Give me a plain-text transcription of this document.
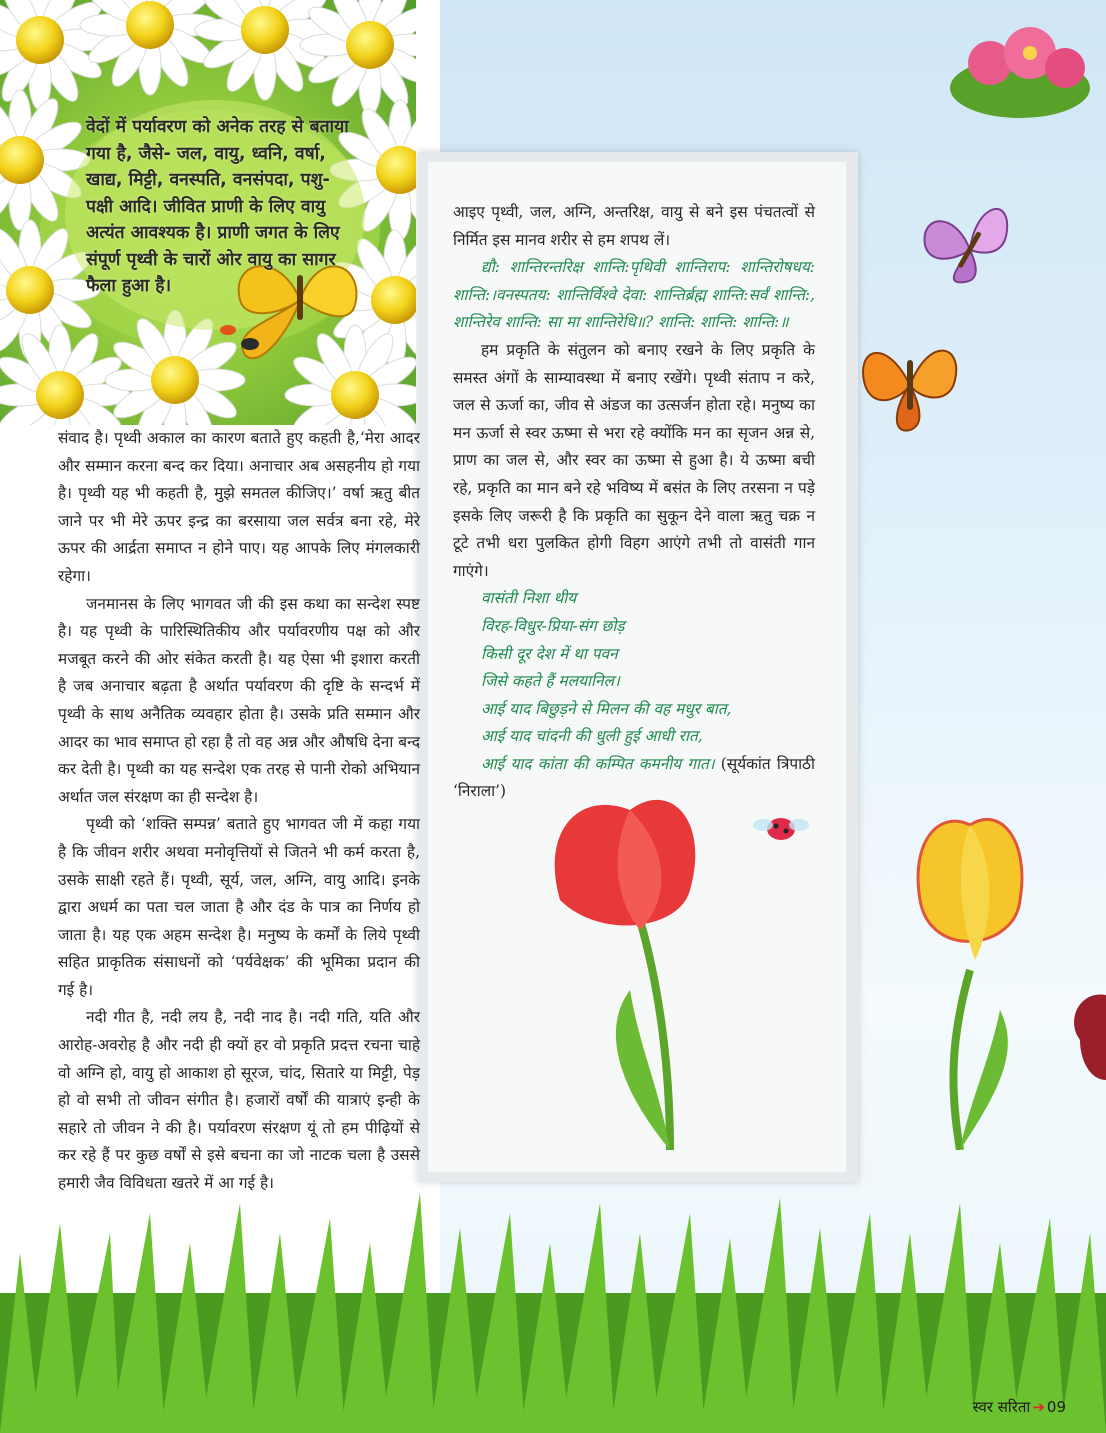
वेदों में पर्यावरण को अनेक तरह से बताया गया है, जैसे- जल, वायु, ध्वनि, वर्षा, खाद्य, मिट्टी, वनस्पति, वनसंपदा, पशु-पक्षी आदि। जीवित प्राणी के लिए वायु अत्यंत आवश्यक है। प्राणी जगत के लिए संपूर्ण पृथ्वी के चारों ओर वायु का सागर फैला हुआ है।

संवाद है। पृथ्वी अकाल का कारण बताते हुए कहती है,‘मेरा आदर और सम्मान करना बन्द कर दिया। अनाचार अब असहनीय हो गया है। पृथ्वी यह भी कहती है, मुझे समतल कीजिए।’ वर्षा ऋतु बीत जाने पर भी मेरे ऊपर इन्द्र का बरसाया जल सर्वत्र बना रहे, मेरे ऊपर की आर्द्रता समाप्त न होने पाए। यह आपके लिए मंगलकारी रहेगा।

जनमानस के लिए भागवत जी की इस कथा का सन्देश स्पष्ट है। यह पृथ्वी के पारिस्थितिकीय और पर्यावरणीय पक्ष को और मजबूत करने की ओर संकेत करती है। यह ऐसा भी इशारा करती है जब अनाचार बढ़ता है अर्थात पर्यावरण की दृष्टि के सन्दर्भ में पृथ्वी के साथ अनैतिक व्यवहार होता है। उसके प्रति सम्मान और आदर का भाव समाप्त हो रहा है तो वह अन्न और औषधि देना बन्द कर देती है। पृथ्वी का यह सन्देश एक तरह से पानी रोको अभियान अर्थात जल संरक्षण का ही सन्देश है।

पृथ्वी को ‘शक्ति सम्पन्न’ बताते हुए भागवत जी में कहा गया है कि जीवन शरीर अथवा मनोवृत्तियों से जितने भी कर्म करता है, उसके साक्षी रहते हैं। पृथ्वी, सूर्य, जल, अग्नि, वायु आदि। इनके द्वारा अधर्म का पता चल जाता है और दंड के पात्र का निर्णय हो जाता है। यह एक अहम सन्देश है। मनुष्य के कर्मों के लिये पृथ्वी सहित प्राकृतिक संसाधनों को ‘पर्यवेक्षक’ की भूमिका प्रदान की गई है।

नदी गीत है, नदी लय है, नदी नाद है। नदी गति, यति और आरोह-अवरोह है और नदी ही क्यों हर वो प्रकृति प्रदत्त रचना चाहे वो अग्नि हो, वायु हो आकाश हो सूरज, चांद, सितारे या मिट्टी, पेड़ हो वो सभी तो जीवन संगीत है। हजारों वर्षों की यात्राएं इन्ही के सहारे तो जीवन ने की है। पर्यावरण संरक्षण यूं तो हम पीढ़ियों से कर रहे हैं पर कुछ वर्षों से इसे बचना का जो नाटक चला है उससे हमारी जैव विविधता खतरे में आ गई है।

आइए पृथ्वी, जल, अग्नि, अन्तरिक्ष, वायु से बने इस पंचतत्वों से निर्मित इस मानव शरीर से हम शपथ लें।

द्यौ: शान्तिरन्तरिक्ष शान्ति:पृथिवी शान्तिराप: शान्तिरोषधय: शान्ति:।वनस्पतय: शान्तिर्विश्वे देवा: शान्तिर्ब्रह्म शान्ति:सर्वं शान्ति:, शान्तिरेव शान्ति: सा मा शान्तिरेधि॥? शान्ति: शान्ति: शान्ति:॥

हम प्रकृति के संतुलन को बनाए रखने के लिए प्रकृति के समस्त अंगों के साम्यावस्था में बनाए रखेंगे। पृथ्वी संताप न करे, जल से ऊर्जा का, जीव से अंडज का उत्सर्जन होता रहे। मनुष्य का मन ऊर्जा से स्वर ऊष्मा से भरा रहे क्योंकि मन का सृजन अन्न से, प्राण का जल से, और स्वर का ऊष्मा से हुआ है। ये ऊष्मा बची रहे, प्रकृति का मान बने रहे भविष्य में बसंत के लिए तरसना न पड़े इसके लिए जरूरी है कि प्रकृति का सुकून देने वाला ऋतु चक्र न टूटे तभी धरा पुलकित होगी विहग आएंगे तभी तो वासंती गान गाएंगे।

वासंती निशा थीय
विरह-विधुर-प्रिया-संग छोड़
किसी दूर देश में था पवन
जिसे कहते हैं मलयानिल।
आई याद बिछुड़ने से मिलन की वह मधुर बात,
आई याद चांदनी की धुली हुई आधी रात,
आई याद कांता की कम्पित कमनीय गात। (सूर्यकांत त्रिपाठी ‘निराला’)
स्वर सरिता ➔ 09
